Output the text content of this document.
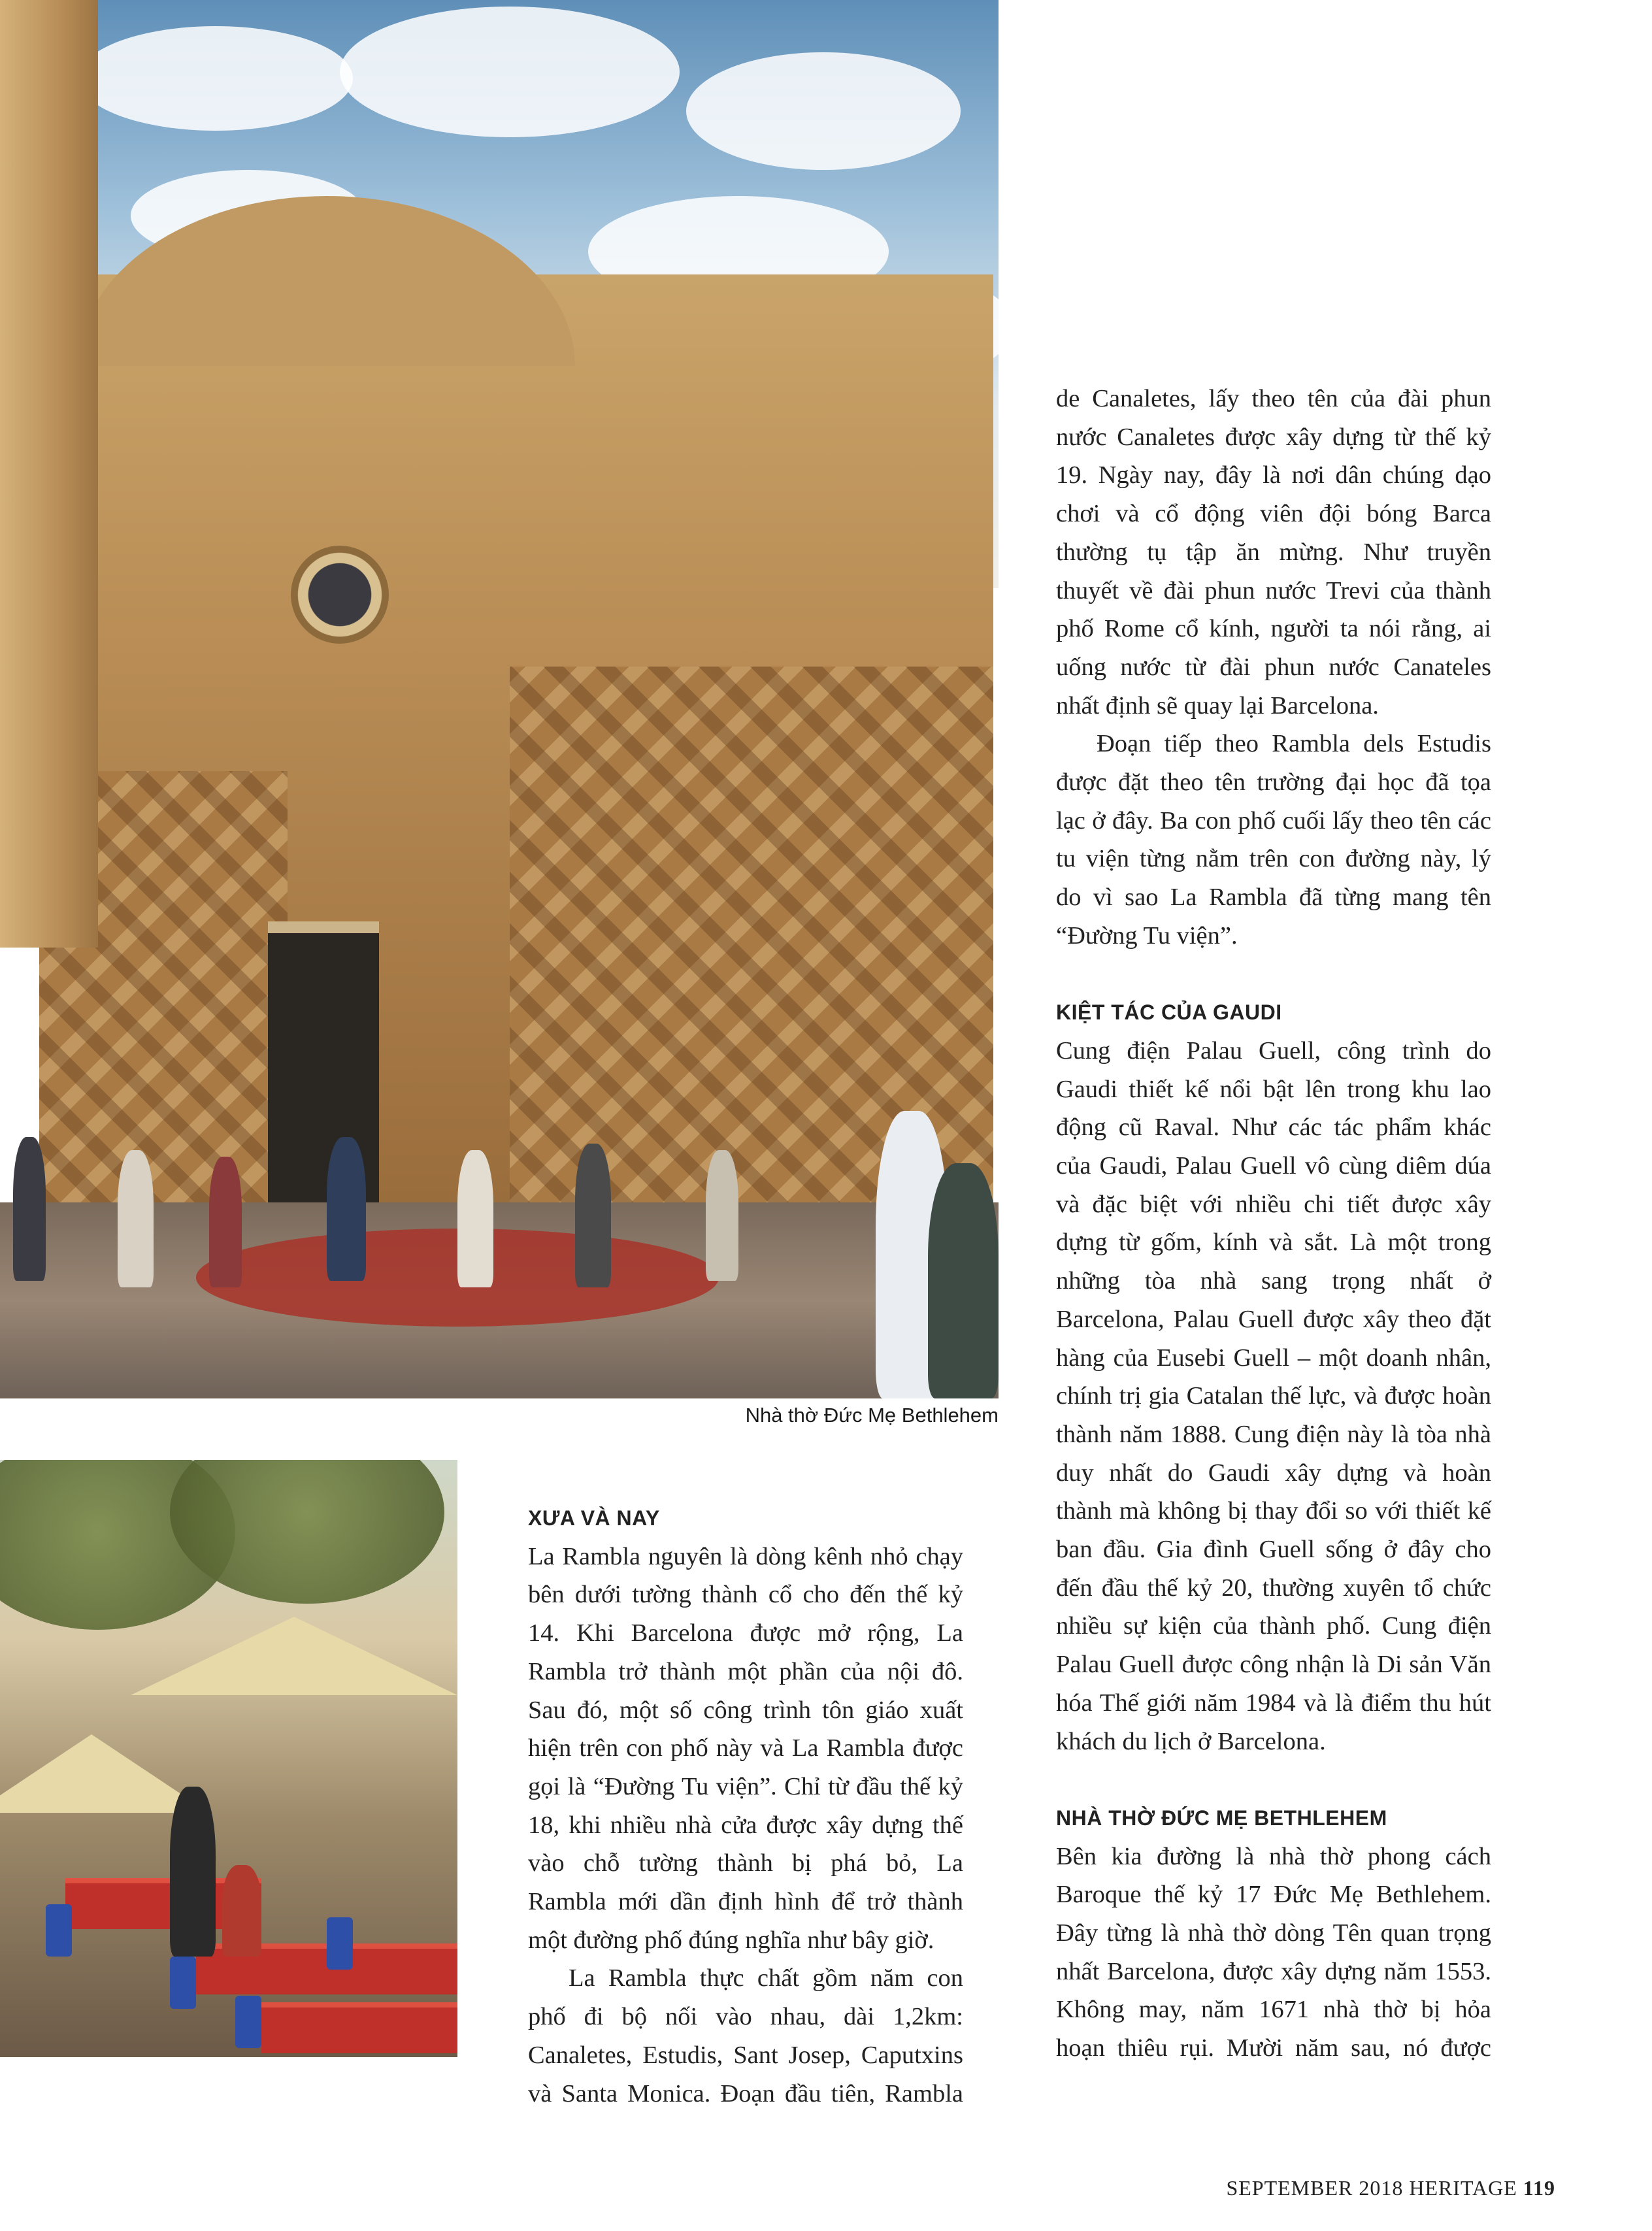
Nhà thờ Đức Mẹ Bethlehem
XƯA VÀ NAY
La Rambla nguyên là dòng kênh nhỏ chạy
bên dưới tường thành cổ cho đến thế kỷ
14. Khi Barcelona được mở rộng, La
Rambla trở thành một phần của nội đô.
Sau đó, một số công trình tôn giáo xuất
hiện trên con phố này và La Rambla được
gọi là “Đường Tu viện”. Chỉ từ đầu thế kỷ
18, khi nhiều nhà cửa được xây dựng thế
vào chỗ tường thành bị phá bỏ, La
Rambla mới dần định hình để trở thành
một đường phố đúng nghĩa như bây giờ.
La Rambla thực chất gồm năm con
phố đi bộ nối vào nhau, dài 1,2km:
Canaletes, Estudis, Sant Josep, Caputxins
và Santa Monica. Đoạn đầu tiên, Rambla
de Canaletes, lấy theo tên của đài phun
nước Canaletes được xây dựng từ thế kỷ
19. Ngày nay, đây là nơi dân chúng dạo
chơi và cổ động viên đội bóng Barca
thường tụ tập ăn mừng. Như truyền
thuyết về đài phun nước Trevi của thành
phố Rome cổ kính, người ta nói rằng, ai
uống nước từ đài phun nước Canateles
nhất định sẽ quay lại Barcelona.
Đoạn tiếp theo Rambla dels Estudis
được đặt theo tên trường đại học đã tọa
lạc ở đây. Ba con phố cuối lấy theo tên các
tu viện từng nằm trên con đường này, lý
do vì sao La Rambla đã từng mang tên
“Đường Tu viện”.
KIỆT TÁC CỦA GAUDI
Cung điện Palau Guell, công trình do
Gaudi thiết kế nổi bật lên trong khu lao
động cũ Raval. Như các tác phẩm khác
của Gaudi, Palau Guell vô cùng diêm dúa
và đặc biệt với nhiều chi tiết được xây
dựng từ gốm, kính và sắt. Là một trong
những tòa nhà sang trọng nhất ở
Barcelona, Palau Guell được xây theo đặt
hàng của Eusebi Guell – một doanh nhân,
chính trị gia Catalan thế lực, và được hoàn
thành năm 1888. Cung điện này là tòa nhà
duy nhất do Gaudi xây dựng và hoàn
thành mà không bị thay đổi so với thiết kế
ban đầu. Gia đình Guell sống ở đây cho
đến đầu thế kỷ 20, thường xuyên tổ chức
nhiều sự kiện của thành phố. Cung điện
Palau Guell được công nhận là Di sản Văn
hóa Thế giới năm 1984 và là điểm thu hút
khách du lịch ở Barcelona.
NHÀ THỜ ĐỨC MẸ BETHLEHEM
Bên kia đường là nhà thờ phong cách
Baroque thế kỷ 17 Đức Mẹ Bethlehem.
Đây từng là nhà thờ dòng Tên quan trọng
nhất Barcelona, được xây dựng năm 1553.
Không may, năm 1671 nhà thờ bị hỏa
hoạn thiêu rụi. Mười năm sau, nó được
SEPTEMBER 2018 HERITAGE 119
